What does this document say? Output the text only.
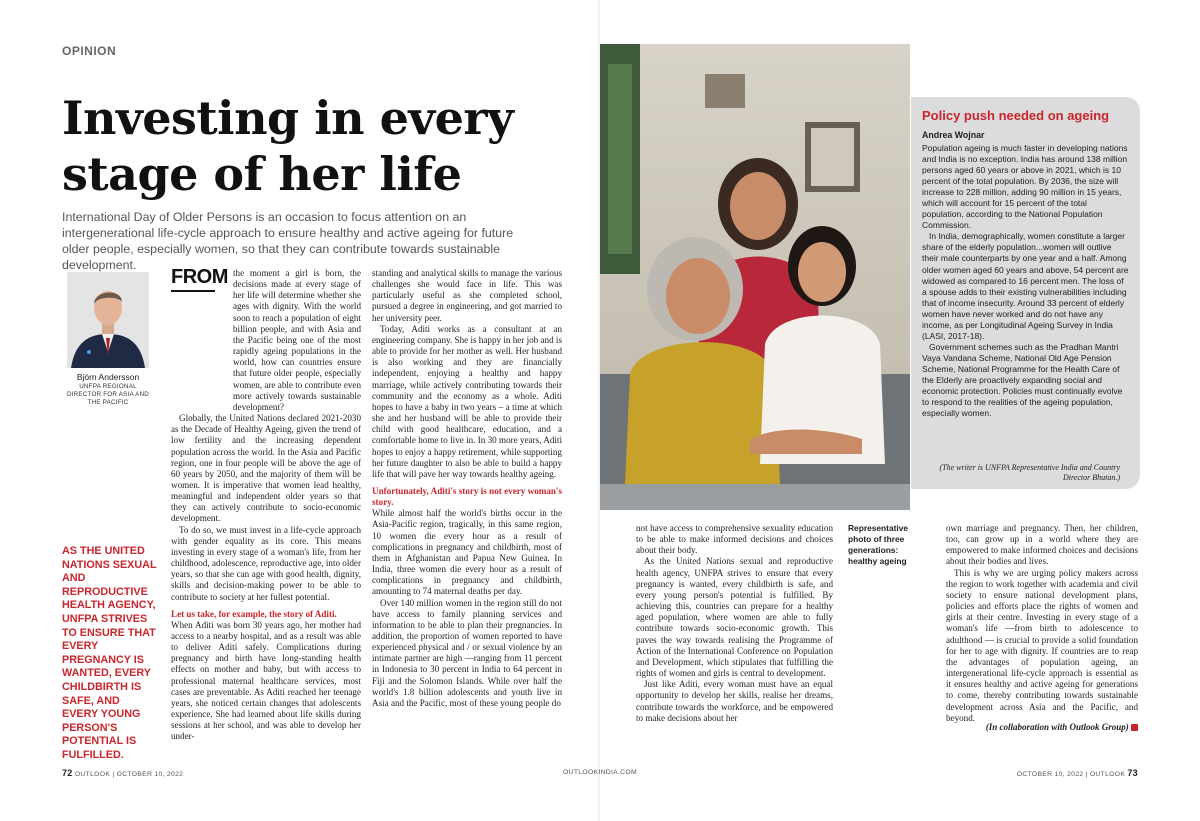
OPINION
Investing in every stage of her life
International Day of Older Persons is an occasion to focus attention on an intergenerational life-cycle approach to ensure healthy and active ageing for future older people, especially women, so that they can contribute towards sustainable development.
Björn Andersson
UNFPA REGIONAL DIRECTOR FOR ASIA AND THE PACIFIC
AS THE UNITED NATIONS SEXUAL AND REPRODUCTIVE HEALTH AGENCY, UNFPA STRIVES TO ENSURE THAT EVERY PREGNANCY IS WANTED, EVERY CHILDBIRTH IS SAFE, AND EVERY YOUNG PERSON'S POTENTIAL IS FULFILLED.
FROM the moment a girl is born, the decisions made at every stage of her life will determine whether she ages with dignity. With the world soon to reach a population of eight billion people, and with Asia and the Pacific being one of the most rapidly ageing populations in the world, how can countries ensure that future older people, especially women, are able to contribute even more actively towards sustainable development?

Globally, the United Nations declared 2021-2030 as the Decade of Healthy Ageing, given the trend of low fertility and the increasing dependent population across the world. In the Asia and Pacific region, one in four people will be above the age of 60 years by 2050, and the majority of them will be women. It is imperative that women lead healthy, meaningful and independent older years so that they can actively contribute to socio-economic development.

To do so, we must invest in a life-cycle approach with gender equality as its core. This means investing in every stage of a woman's life, from her childhood, adolescence, reproductive age, into older years, so that she can age with good health, dignity, skills and decision-making power to be able to contribute to society at her fullest potential.

Let us take, for example, the story of Aditi.

When Aditi was born 30 years ago, her mother had access to a nearby hospital, and as a result was able to deliver Aditi safely. Complications during pregnancy and birth have long-standing health effects on mother and baby, but with access to professional maternal healthcare services, most cases are preventable. As Aditi reached her teenage years, she noticed certain changes that adolescents experience. She had learned about life skills during sessions at her school, and was able to develop her under-

standing and analytical skills to manage the various challenges she would face in life. This was particularly useful as she completed school, pursued a degree in engineering, and got married to her university peer.

Today, Aditi works as a consultant at an engineering company. She is happy in her job and is able to provide for her mother as well. Her husband is also working and they are financially independent, enjoying a healthy and happy marriage, while actively contributing towards their community and the economy as a whole. Aditi hopes to have a baby in two years – a time at which she and her husband will be able to provide their child with good healthcare, education, and a comfortable home to live in. In 30 more years, Aditi hopes to enjoy a happy retirement, while supporting her future daughter to also be able to build a happy life that will pave her way towards healthy ageing.

Unfortunately, Aditi's story is not every woman's story.

While almost half the world's births occur in the Asia-Pacific region, tragically, in this same region, 10 women die every hour as a result of complications in pregnancy and childbirth, most of them in Afghanistan and Papua New Guinea. In India, three women die every hour as a result of complications in pregnancy and childbirth, amounting to 74 maternal deaths per day.

Over 140 million women in the region still do not have access to family planning services and information to be able to plan their pregnancies. In addition, the proportion of women reported to have experienced physical and / or sexual violence by an intimate partner are high —ranging from 11 percent in Indonesia to 30 percent in India to 64 percent in Fiji and the Solomon Islands. While over half the world's 1.8 billion adolescents and youth live in Asia and the Pacific, most of these young people do

Policy push needed on ageing
Andrea Wojnar

Population ageing is much faster in developing nations and India is no exception. India has around 138 million persons aged 60 years or above in 2021, which is 10 percent of the total population. By 2036, the size will increase to 228 million, adding 90 million in 15 years, which will account for 15 percent of the total population, according to the National Population Commission.

In India, demographically, women constitute a larger share of the elderly population...women will outlive their male counterparts by one year and a half. Among older women aged 60 years and above, 54 percent are widowed as compared to 16 percent men. The loss of a spouse adds to their existing vulnerabilities including that of income insecurity. Around 33 percent of elderly women have never worked and do not have any income, as per Longitudinal Ageing Survey in India (LASI, 2017-18).

Government schemes such as the Pradhan Mantri Vaya Vandana Scheme, National Old Age Pension Scheme, National Programme for the Health Care of the Elderly are proactively expanding social and economic protection. Policies must continually evolve to respond to the realities of the ageing population, especially women.

(The writer is UNFPA Representative India and Country Director Bhutan.)

not have access to comprehensive sexuality education to be able to make informed decisions and choices about their body.

As the United Nations sexual and reproductive health agency, UNFPA strives to ensure that every pregnancy is wanted, every childbirth is safe, and every young person's potential is fulfilled. By achieving this, countries can prepare for a healthy aged population, where women are able to fully contribute towards socio-economic growth. This paves the way towards realising the Programme of Action of the International Conference on Population and Development, which stipulates that fulfilling the rights of women and girls is central to development.

Just like Aditi, every woman must have an equal opportunity to develop her skills, realise her dreams, contribute towards the workforce, and be empowered to make decisions about her

Representative photo of three generations: healthy ageing

own marriage and pregnancy. Then, her children, too, can grow up in a world where they are empowered to make informed choices and decisions about their bodies and lives.

This is why we are urging policy makers across the region to work together with academia and civil society to ensure national development plans, policies and efforts place the rights of women and girls at their centre. Investing in every stage of a woman's life —from birth to adolescence to adulthood — is crucial to provide a solid foundation for her to age with dignity. If countries are to reap the advantages of population ageing, an intergenerational life-cycle approach is essential as it ensures healthy and active ageing for generations to come, thereby contributing towards sustainable development across Asia and the Pacific, and beyond.

(In collaboration with Outlook Group)
72 OUTLOOK | OCTOBER 10, 2022	OUTLOOKINDIA.COM	OCTOBER 10, 2022 | OUTLOOK 73
